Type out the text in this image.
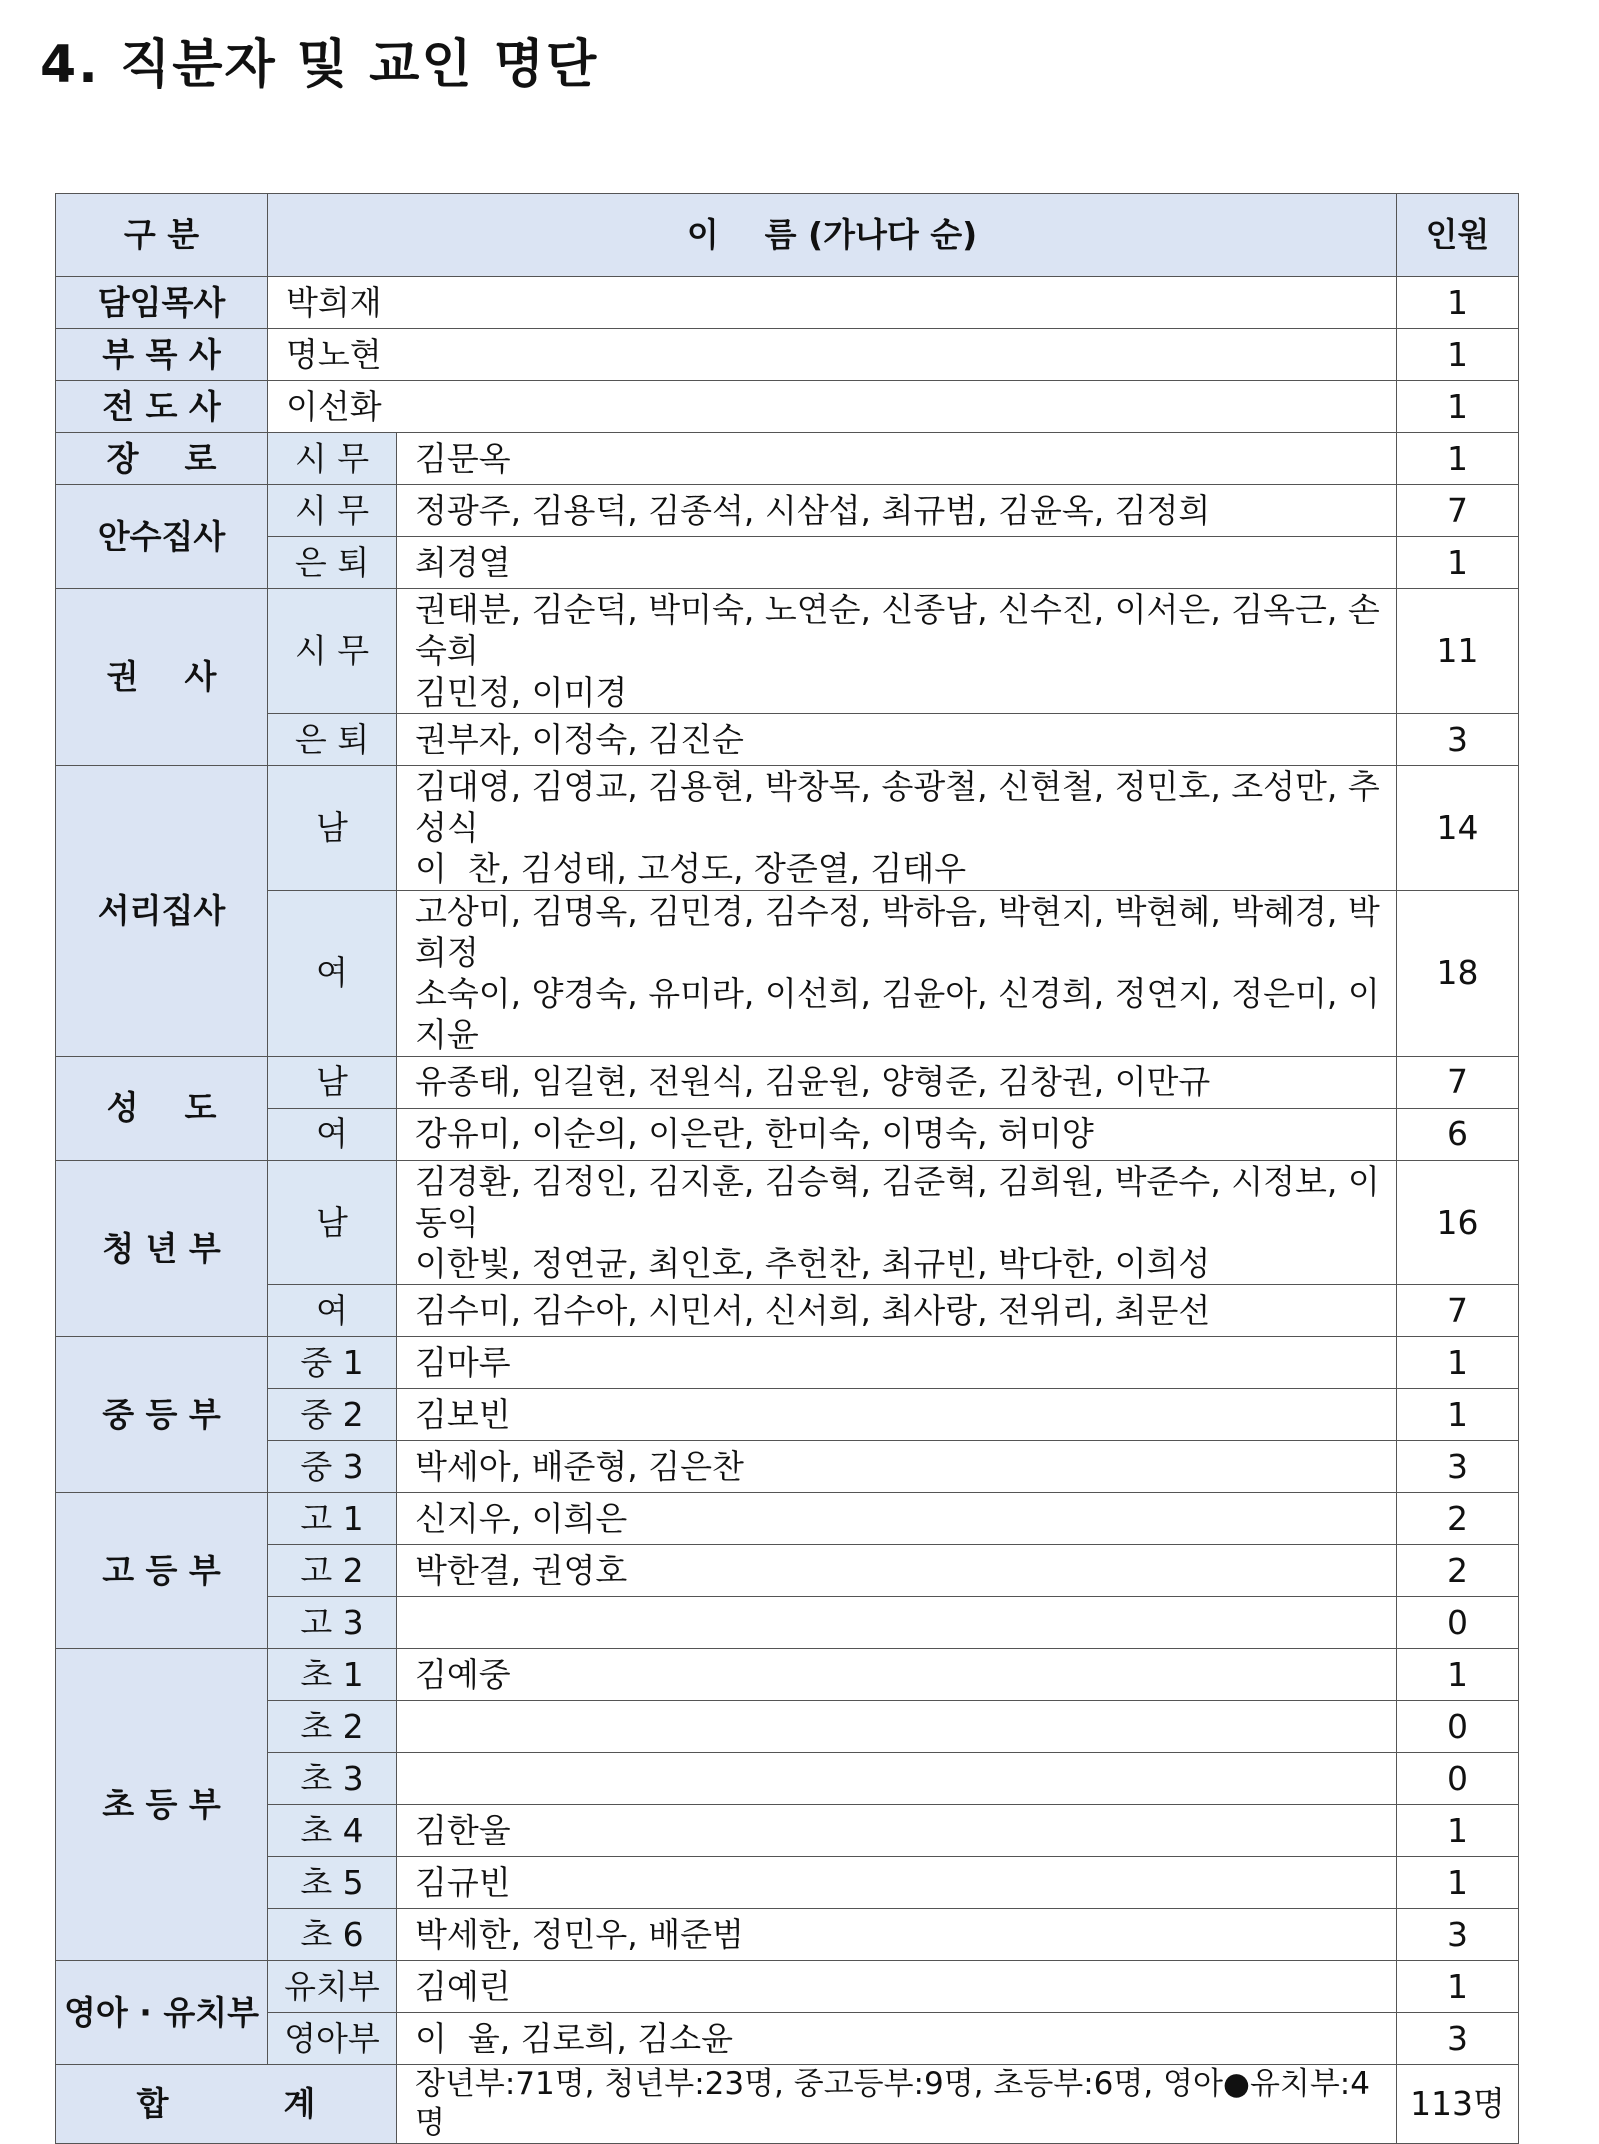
4. 직분자 및 교인 명단
구 분	이    름 (가나다 순)		인원
담임목사	박희재		1
부 목 사	명노현		1
전 도 사	이선화		1
장    로	시 무	김문옥	1
안수집사	시 무	정광주, 김용덕, 김종석, 시삼섭, 최규범, 김윤옥, 김정희	7
	은 퇴	최경열	1
권    사	시 무	권태분, 김순덕, 박미숙, 노연순, 신종남, 신수진, 이서은, 김옥근, 손숙희
김민정, 이미경	11
	은 퇴	권부자, 이정숙, 김진순	3
서리집사	남	김대영, 김영교, 김용현, 박창목, 송광철, 신현철, 정민호, 조성만, 추성식
이  찬, 김성태, 고성도, 장준열, 김태우	14
	여	고상미, 김명옥, 김민경, 김수정, 박하음, 박현지, 박현혜, 박혜경, 박희정
소숙이, 양경숙, 유미라, 이선희, 김윤아, 신경희, 정연지, 정은미, 이지윤	18
성    도	남	유종태, 임길현, 전원식, 김윤원, 양형준, 김창권, 이만규	7
	여	강유미, 이순의, 이은란, 한미숙, 이명숙, 허미양	6
청 년 부	남	김경환, 김정인, 김지훈, 김승혁, 김준혁, 김희원, 박준수, 시정보, 이동익
이한빛, 정연균, 최인호, 추헌찬, 최규빈, 박다한, 이희성	16
	여	김수미, 김수아, 시민서, 신서희, 최사랑, 전위리, 최문선	7
중 등 부	중 1	김마루	1
	중 2	김보빈	1
	중 3	박세아, 배준형, 김은찬	3
고 등 부	고 1	신지우, 이희은	2
	고 2	박한결, 권영호	2
	고 3		0
초 등 부	초 1	김예중	1
	초 2		0
	초 3		0
	초 4	김한울	1
	초 5	김규빈	1
	초 6	박세한, 정민우, 배준범	3
영아 · 유치부	유치부	김예린	1
	영아부	이  율, 김로희, 김소윤	3
합          계		장년부:71명, 청년부:23명, 중고등부:9명, 초등부:6명, 영아●유치부:4명	113명
